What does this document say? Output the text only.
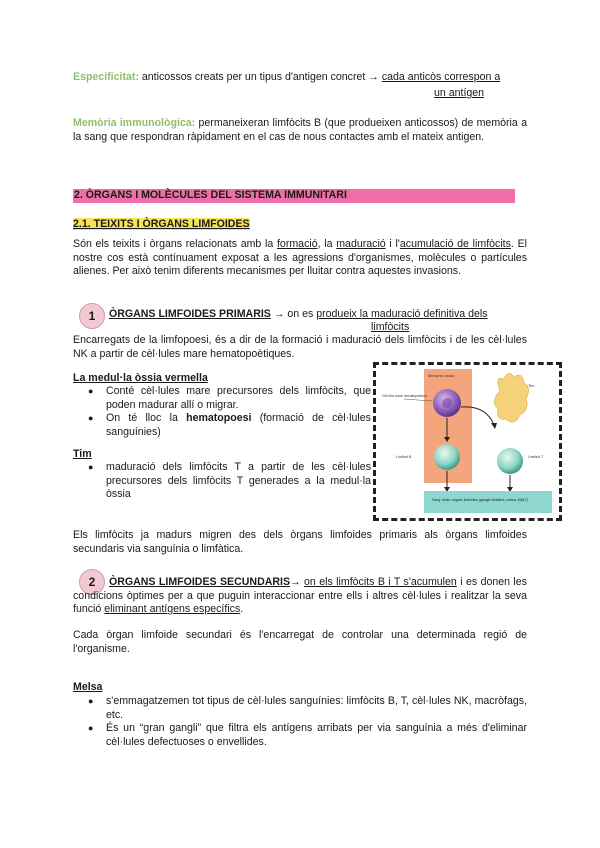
Especificitat: anticossos creats per un tipus d'antigen concret → cada anticòs correspon a
un antígen
Memòria immunològica: permaneixeran limfòcits B (que produeixen anticossos) de memòria a la sang que respondran ràpidament en el cas de nous contactes amb el mateix antigen.
2. ÒRGANS I MOLÈCULES DEL SISTEMA IMMUNITARI
2.1. TEIXITS I ÒRGANS LIMFOIDES
Són els teixits i òrgans relacionats amb la formació, la maduració i l'acumulació de limfòcits. El nostre cos està contínuament exposat a les agressions d'organismes, molècules o partícules alienes. Per això tenim diferents mecanismes per lluitar contra aquestes invasions.
1	ÒRGANS LIMFOIDES PRIMARIS → on es produeix la maduració definitiva dels
limfòcits
Encarregats de la limfopoesi, és a dir de la formació i maduració dels limfòcits i de les cèl·lules NK a partir de cèl·lules mare hematopoètiques.
La medul·la òssia vermella
● Conté cèl·lules mare precursores dels limfòcits, que poden madurar allí o migrar.
● On té lloc la hematopoesi (formació de cèl·lules sanguínies)
Tim
● maduració dels limfòcits T a partir de les cèl·lules precursores dels limfòcits T generades a la medul·la òssia
Medul·la òssia
Cèl·lula mare hematopoètica
Tim
Limfòcit B	Limfòcit T
Sang, limfa i òrgans limfoides (ganglis limfàtics, melsa, MALT)
Els limfòcits ja madurs migren des dels òrgans limfoides primaris als òrgans limfoides secundaris via sanguínia o limfàtica.
2	ÒRGANS LIMFOIDES SECUNDARIS→ on els limfòcits B i T s'acumulen i es donen les condicions òptimes per a que puguin interaccionar entre ells i altres cèl·lules i realitzar la seva funció eliminant antígens específics.
Cada òrgan limfoide secundari és l'encarregat de controlar una determinada regió de l'organisme.
Melsa
● s'emmagatzemen tot tipus de cèl·lules sanguínies: limfòcits B, T, cèl·lules NK, macròfags, etc.
● És un “gran gangli” que filtra els antígens arribats per via sanguínia a més d'eliminar cèl·lules defectuoses o envellides.
